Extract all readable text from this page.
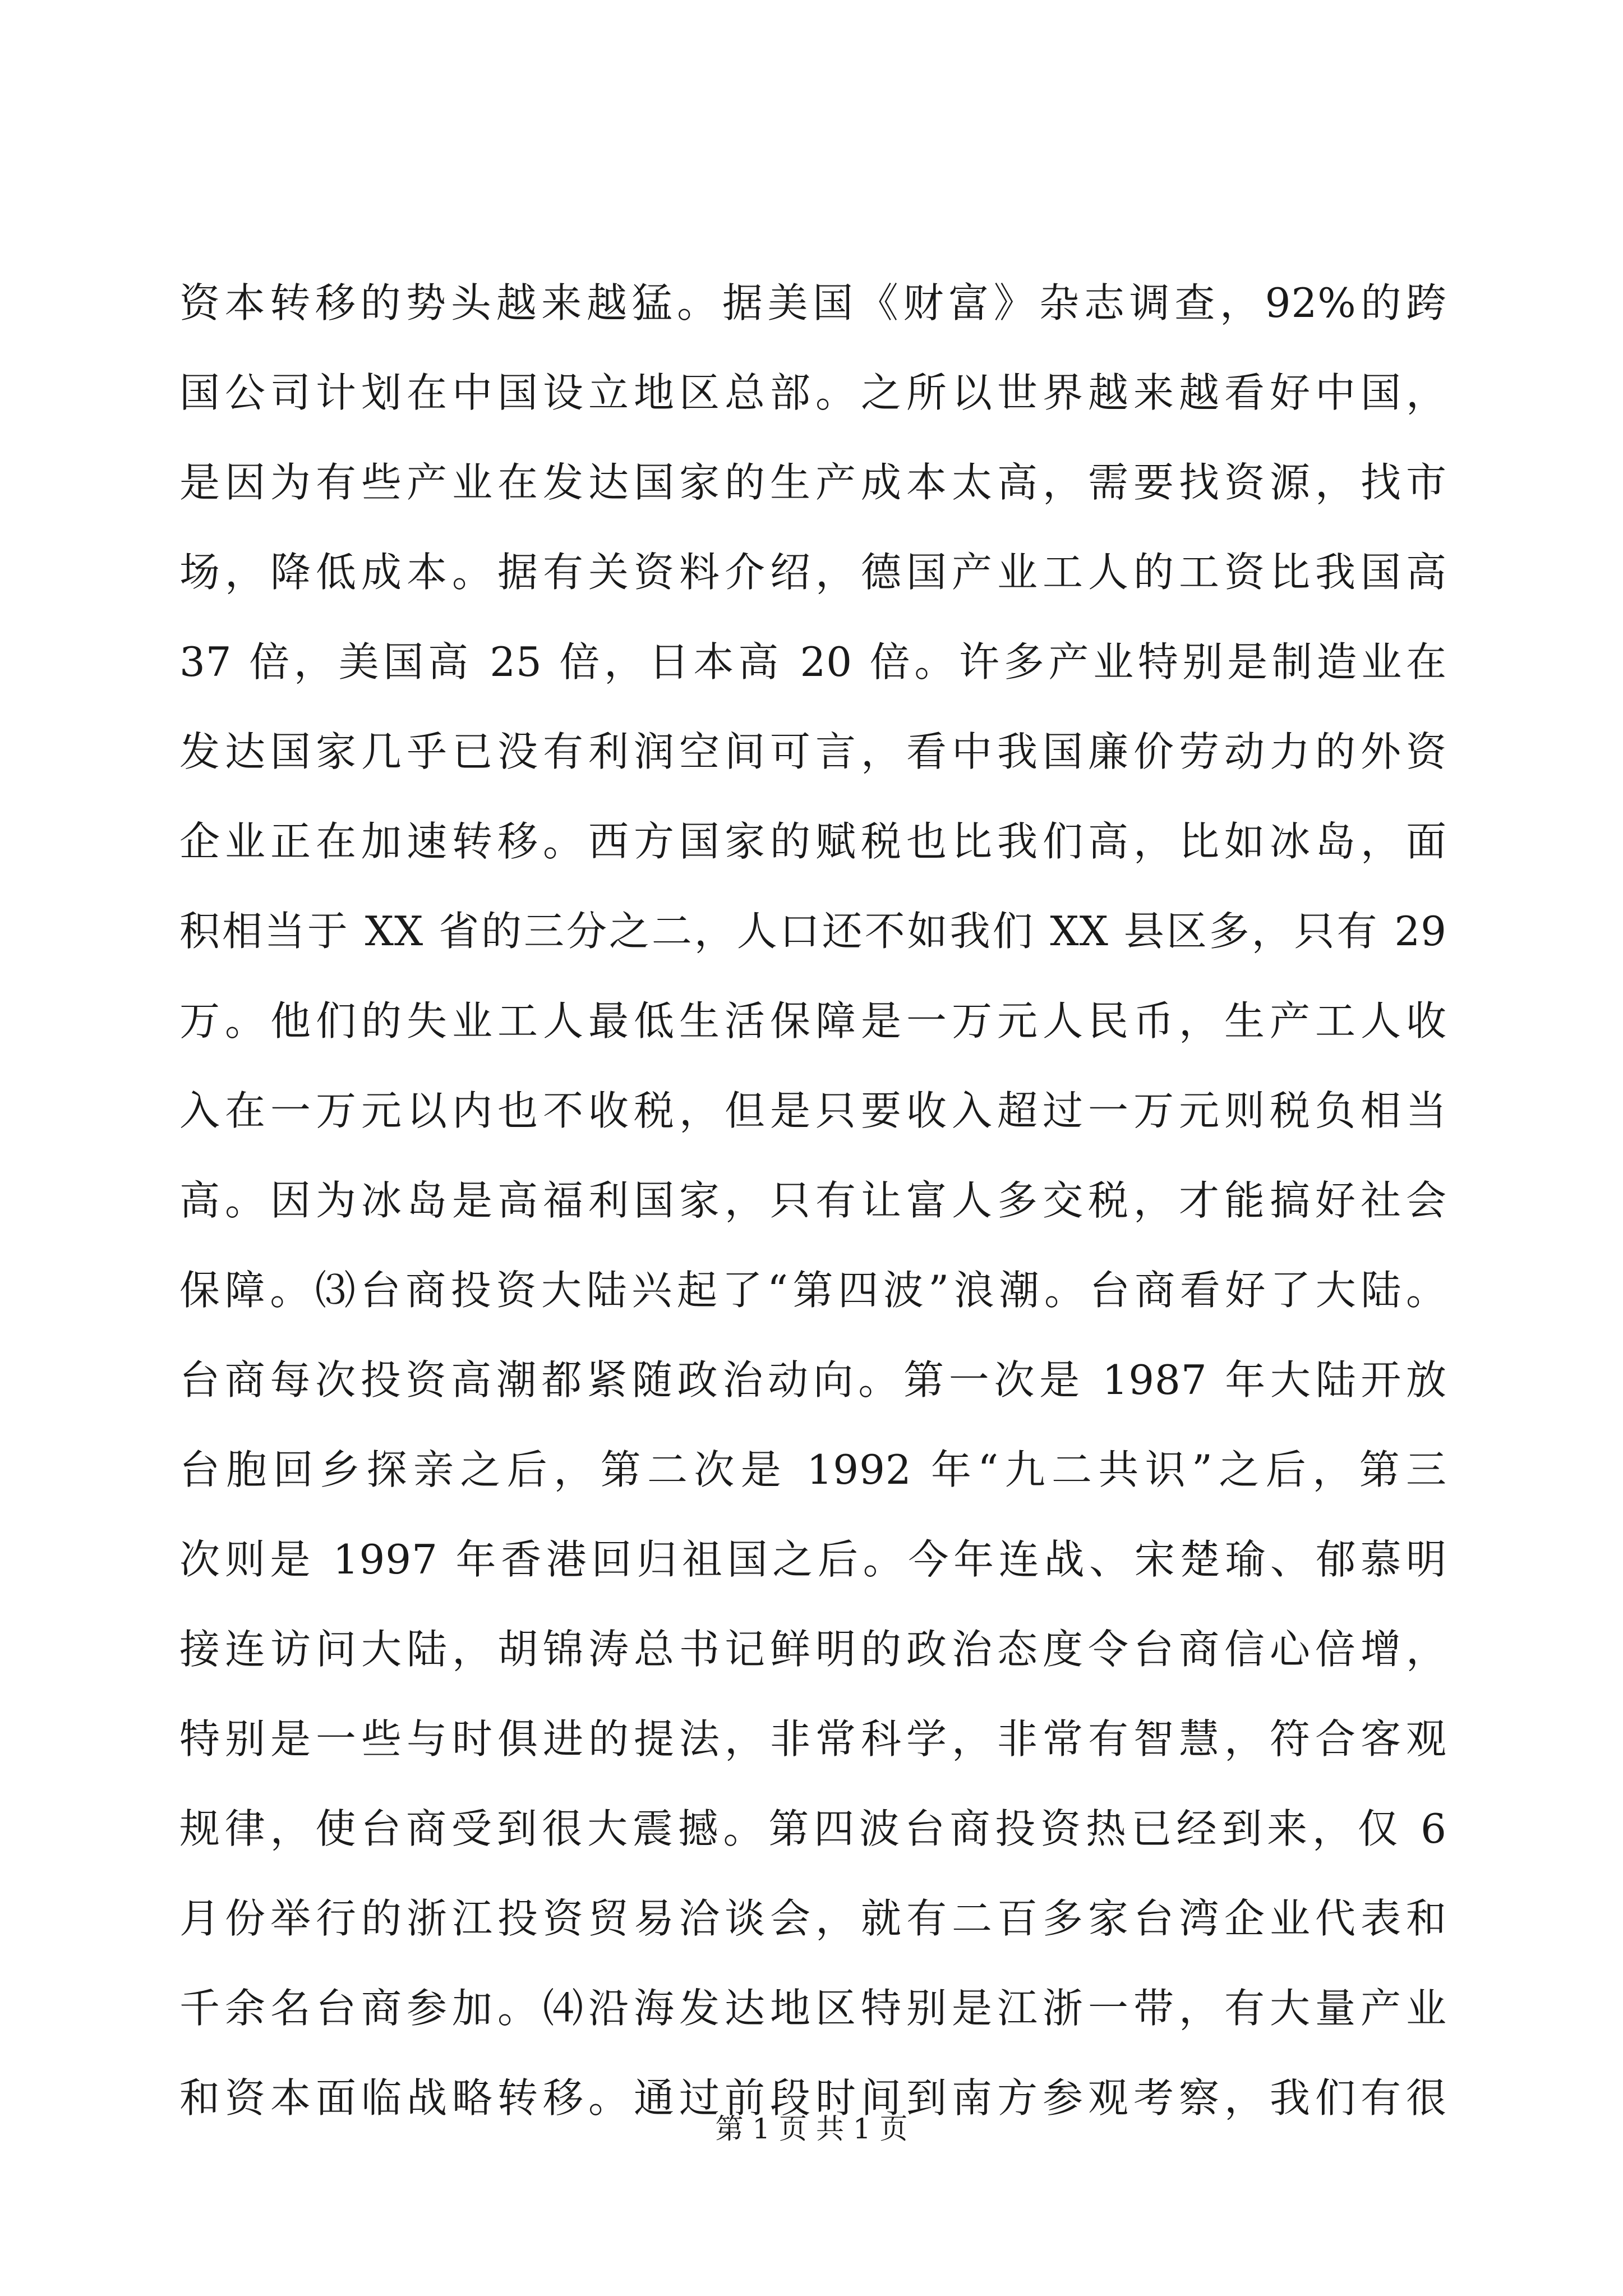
资本转移的势头越来越猛。据美国《财富》杂志调查，92%的跨
国公司计划在中国设立地区总部。之所以世界越来越看好中国，
是因为有些产业在发达国家的生产成本太高，需要找资源，找市
场，降低成本。据有关资料介绍，德国产业工人的工资比我国高
37 倍，美国高 25 倍，日本高 20 倍。许多产业特别是制造业在
发达国家几乎已没有利润空间可言，看中我国廉价劳动力的外资
企业正在加速转移。西方国家的赋税也比我们高，比如冰岛，面
积相当于 XX 省的三分之二，人口还不如我们 XX 县区多，只有 29
万。他们的失业工人最低生活保障是一万元人民币，生产工人收
入在一万元以内也不收税，但是只要收入超过一万元则税负相当
高。因为冰岛是高福利国家，只有让富人多交税，才能搞好社会
保障。⑶台商投资大陆兴起了“第四波”浪潮。台商看好了大陆。
台商每次投资高潮都紧随政治动向。第一次是 1987 年大陆开放
台胞回乡探亲之后，第二次是 1992 年“九二共识”之后，第三
次则是 1997 年香港回归祖国之后。今年连战、宋楚瑜、郁慕明
接连访问大陆，胡锦涛总书记鲜明的政治态度令台商信心倍增，
特别是一些与时俱进的提法，非常科学，非常有智慧，符合客观
规律，使台商受到很大震撼。第四波台商投资热已经到来，仅 6
月份举行的浙江投资贸易洽谈会，就有二百多家台湾企业代表和
千余名台商参加。⑷沿海发达地区特别是江浙一带，有大量产业
和资本面临战略转移。通过前段时间到南方参观考察，我们有很
第 1 页 共 1 页
